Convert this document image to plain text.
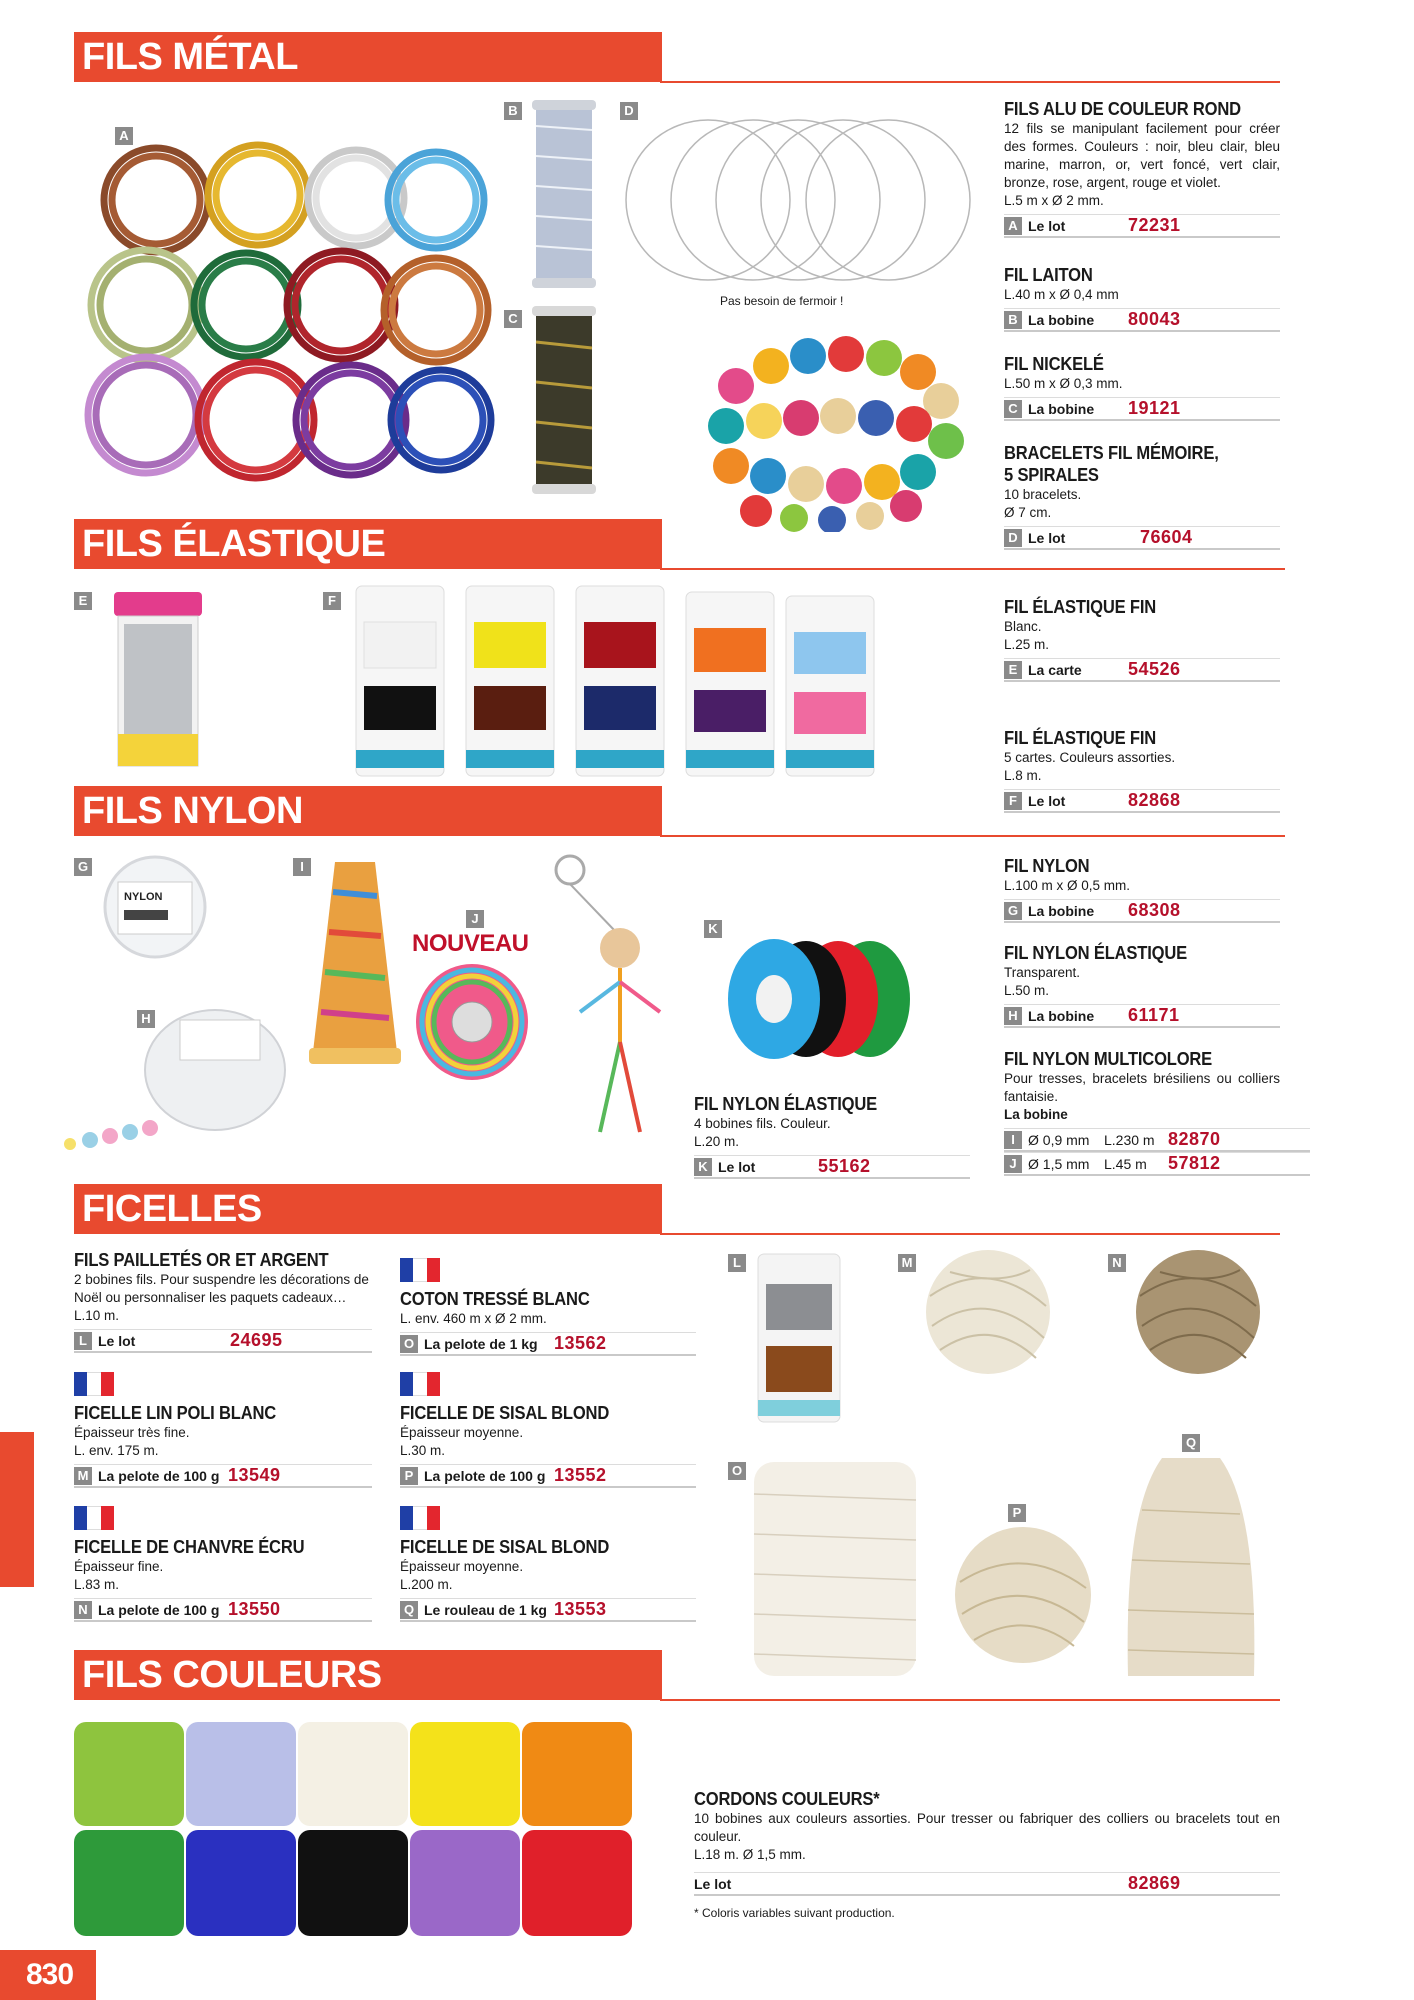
FILS MÉTAL
A
B
C
D
Pas besoin de fermoir !
FILS ALU DE COULEUR ROND
12 fils se manipulant facilement pour créer des formes. Couleurs : noir, bleu clair, bleu marine, marron, or, vert foncé, vert clair, bronze, rose, argent, rouge et violet.
L.5 m x Ø 2 mm.
A Le lot	72231
FIL LAITON
L.40 m x Ø 0,4 mm
B La bobine 80043
FIL NICKELÉ
L.50 m x Ø 0,3 mm.
C La bobine 19121
BRACELETS FIL MÉMOIRE,
5 SPIRALES
10 bracelets.
Ø 7 cm.
D Le lot	76604
FILS ÉLASTIQUE
E	F	FIL ÉLASTIQUE FIN
Blanc.
L.25 m.
E La carte	54526
FIL ÉLASTIQUE FIN
5 cartes. Couleurs assorties.
L.8 m.
F Le lot	82868
FILS NYLON
G
NYLON
H
I
NOUVEAU
J
K
FIL NYLON
L.100 m x Ø 0,5 mm.
G La bobine 68308
FIL NYLON ÉLASTIQUE
Transparent.
L.50 m.
H La bobine 61171
FIL NYLON MULTICOLORE
Pour tresses, bracelets brésiliens ou colliers fantaisie.
La bobine
I Ø 0,9 mm L.230 m 82870
J Ø 1,5 mm L.45 m 57812
FIL NYLON ÉLASTIQUE
4 bobines fils. Couleur.
L.20 m.
K Le lot	55162
FICELLES
FILS PAILLETÉS OR ET ARGENT
2 bobines fils. Pour suspendre les décorations de Noël ou personnaliser les paquets cadeaux…
L.10 m.
L Le lot	24695
FICELLE LIN POLI BLANC
Épaisseur très fine.
L. env. 175 m.
M La pelote de 100 g 13549
FICELLE DE CHANVRE ÉCRU
Épaisseur fine.
L.83 m.
N La pelote de 100 g 13550
COTON TRESSÉ BLANC
L. env. 460 m x Ø 2 mm.
O La pelote de 1 kg 13562
FICELLE DE SISAL BLOND
Épaisseur moyenne.
L.30 m.
P La pelote de 100 g 13552
FICELLE DE SISAL BLOND
Épaisseur moyenne.
L.200 m.
Q Le rouleau de 1 kg 13553
L	M	N
O
P
Q
FILS COULEURS
CORDONS COULEURS*
10 bobines aux couleurs assorties. Pour tresser ou fabriquer des colliers ou bracelets tout en couleur.
L.18 m. Ø 1,5 mm.
Le lot	82869
* Coloris variables suivant production.
830
